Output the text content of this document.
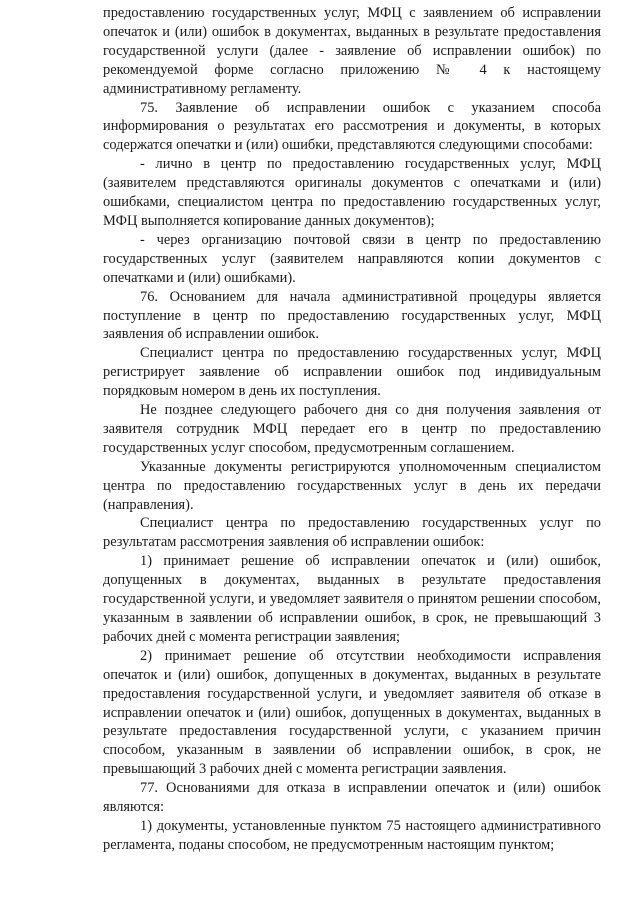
предоставлению государственных услуг, МФЦ с заявлением об исправлении опечаток и (или) ошибок в документах, выданных в результате предоставления государственной услуги (далее - заявление об исправлении ошибок) по рекомендуемой форме согласно приложению № 4 к настоящему административному регламенту.

75. Заявление об исправлении ошибок с указанием способа информирования о результатах его рассмотрения и документы, в которых содержатся опечатки и (или) ошибки, представляются следующими способами:

- лично в центр по предоставлению государственных услуг, МФЦ (заявителем представляются оригиналы документов с опечатками и (или) ошибками, специалистом центра по предоставлению государственных услуг, МФЦ выполняется копирование данных документов);

- через организацию почтовой связи в центр по предоставлению государственных услуг (заявителем направляются копии документов с опечатками и (или) ошибками).

76. Основанием для начала административной процедуры является поступление в центр по предоставлению государственных услуг, МФЦ заявления об исправлении ошибок.

Специалист центра по предоставлению государственных услуг, МФЦ регистрирует заявление об исправлении ошибок под индивидуальным порядковым номером в день их поступления.

Не позднее следующего рабочего дня со дня получения заявления от заявителя сотрудник МФЦ передает его в центр по предоставлению государственных услуг способом, предусмотренным соглашением.

Указанные документы регистрируются уполномоченным специалистом центра по предоставлению государственных услуг в день их передачи (направления).

Специалист центра по предоставлению государственных услуг по результатам рассмотрения заявления об исправлении ошибок:

1) принимает решение об исправлении опечаток и (или) ошибок, допущенных в документах, выданных в результате предоставления государственной услуги, и уведомляет заявителя о принятом решении способом, указанным в заявлении об исправлении ошибок, в срок, не превышающий 3 рабочих дней с момента регистрации заявления;

2) принимает решение об отсутствии необходимости исправления опечаток и (или) ошибок, допущенных в документах, выданных в результате предоставления государственной услуги, и уведомляет заявителя об отказе в исправлении опечаток и (или) ошибок, допущенных в документах, выданных в результате предоставления государственной услуги, с указанием причин способом, указанным в заявлении об исправлении ошибок, в срок, не превышающий 3 рабочих дней с момента регистрации заявления.

77. Основаниями для отказа в исправлении опечаток и (или) ошибок являются:

1) документы, установленные пунктом 75 настоящего административного регламента, поданы способом, не предусмотренным настоящим пунктом;
